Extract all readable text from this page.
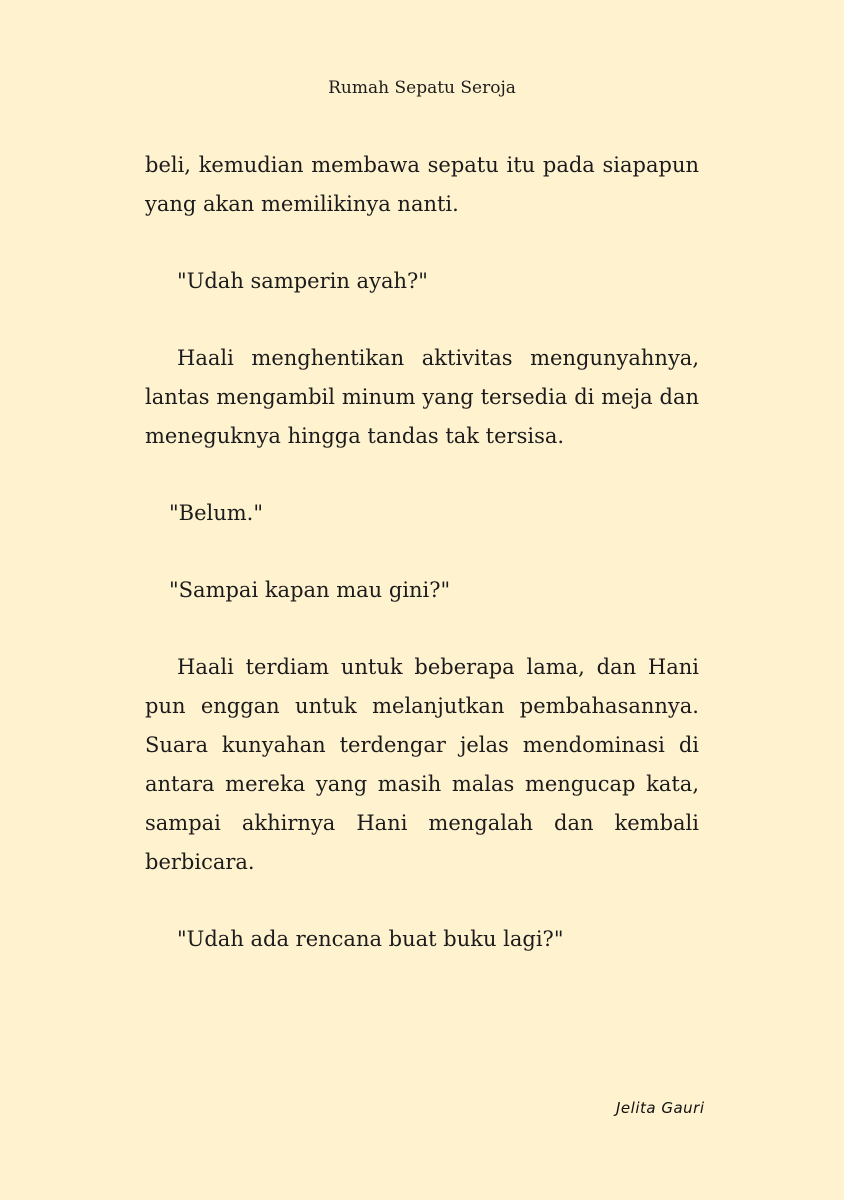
Rumah Sepatu Seroja

beli, kemudian membawa sepatu itu pada siapapun yang akan memilikinya nanti.

"Udah samperin ayah?"

Haali menghentikan aktivitas mengunyahnya, lantas mengambil minum yang tersedia di meja dan meneguknya hingga tandas tak tersisa.

"Belum."

"Sampai kapan mau gini?"

Haali terdiam untuk beberapa lama, dan Hani pun enggan untuk melanjutkan pembahasannya. Suara kunyahan terdengar jelas mendominasi di antara mereka yang masih malas mengucap kata, sampai akhirnya Hani mengalah dan kembali berbicara.

"Udah ada rencana buat buku lagi?"

Jelita Gauri
